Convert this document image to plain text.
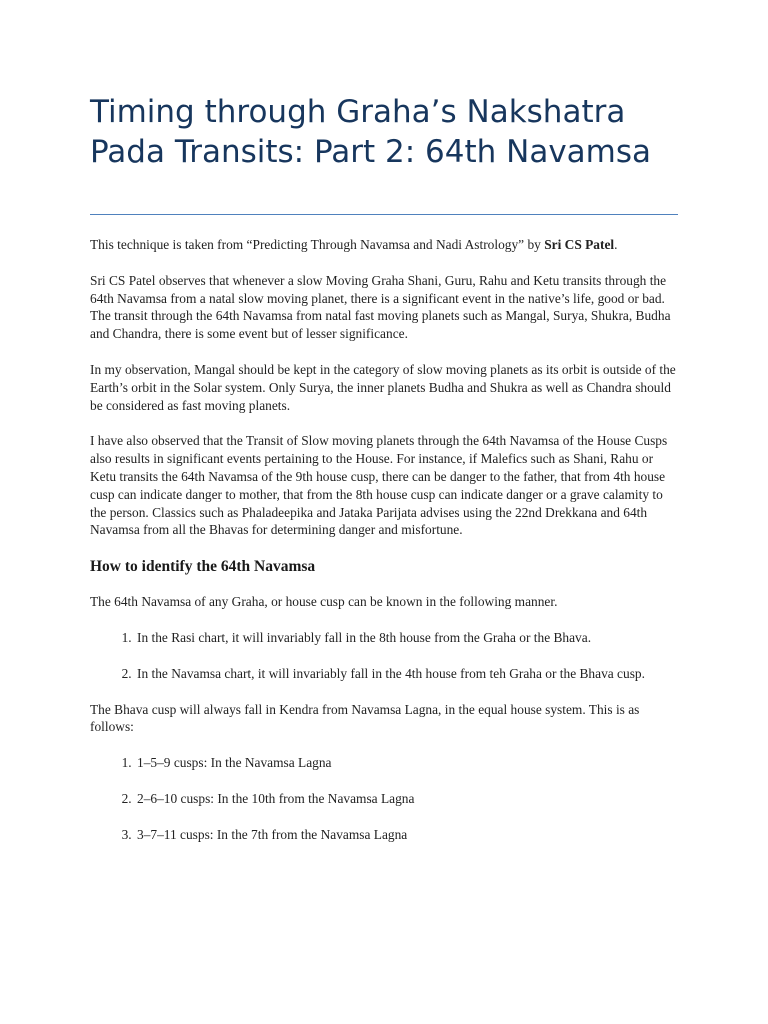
Timing through Graha’s Nakshatra Pada Transits: Part 2: 64th Navamsa

This technique is taken from “Predicting Through Navamsa and Nadi Astrology” by Sri CS Patel.

Sri CS Patel observes that whenever a slow Moving Graha Shani, Guru, Rahu and Ketu transits through the 64th Navamsa from a natal slow moving planet, there is a significant event in the native’s life, good or bad. The transit through the 64th Navamsa from natal fast moving planets such as Mangal, Surya, Shukra, Budha and Chandra, there is some event but of lesser significance.

In my observation, Mangal should be kept in the category of slow moving planets as its orbit is outside of the Earth’s orbit in the Solar system. Only Surya, the inner planets Budha and Shukra as well as Chandra should be considered as fast moving planets.

I have also observed that the Transit of Slow moving planets through the 64th Navamsa of the House Cusps also results in significant events pertaining to the House. For instance, if Malefics such as Shani, Rahu or Ketu transits the 64th Navamsa of the 9th house cusp, there can be danger to the father, that from 4th house cusp can indicate danger to mother, that from the 8th house cusp can indicate danger or a grave calamity to the person. Classics such as Phaladeepika and Jataka Parijata advises using the 22nd Drekkana and 64th Navamsa from all the Bhavas for determining danger and misfortune.

How to identify the 64th Navamsa

The 64th Navamsa of any Graha, or house cusp can be known in the following manner.

1. In the Rasi chart, it will invariably fall in the 8th house from the Graha or the Bhava.
2. In the Navamsa chart, it will invariably fall in the 4th house from teh Graha or the Bhava cusp.

The Bhava cusp will always fall in Kendra from Navamsa Lagna, in the equal house system. This is as follows:

1. 1–5–9 cusps: In the Navamsa Lagna
2. 2–6–10 cusps: In the 10th from the Navamsa Lagna
3. 3–7–11 cusps: In the 7th from the Navamsa Lagna
